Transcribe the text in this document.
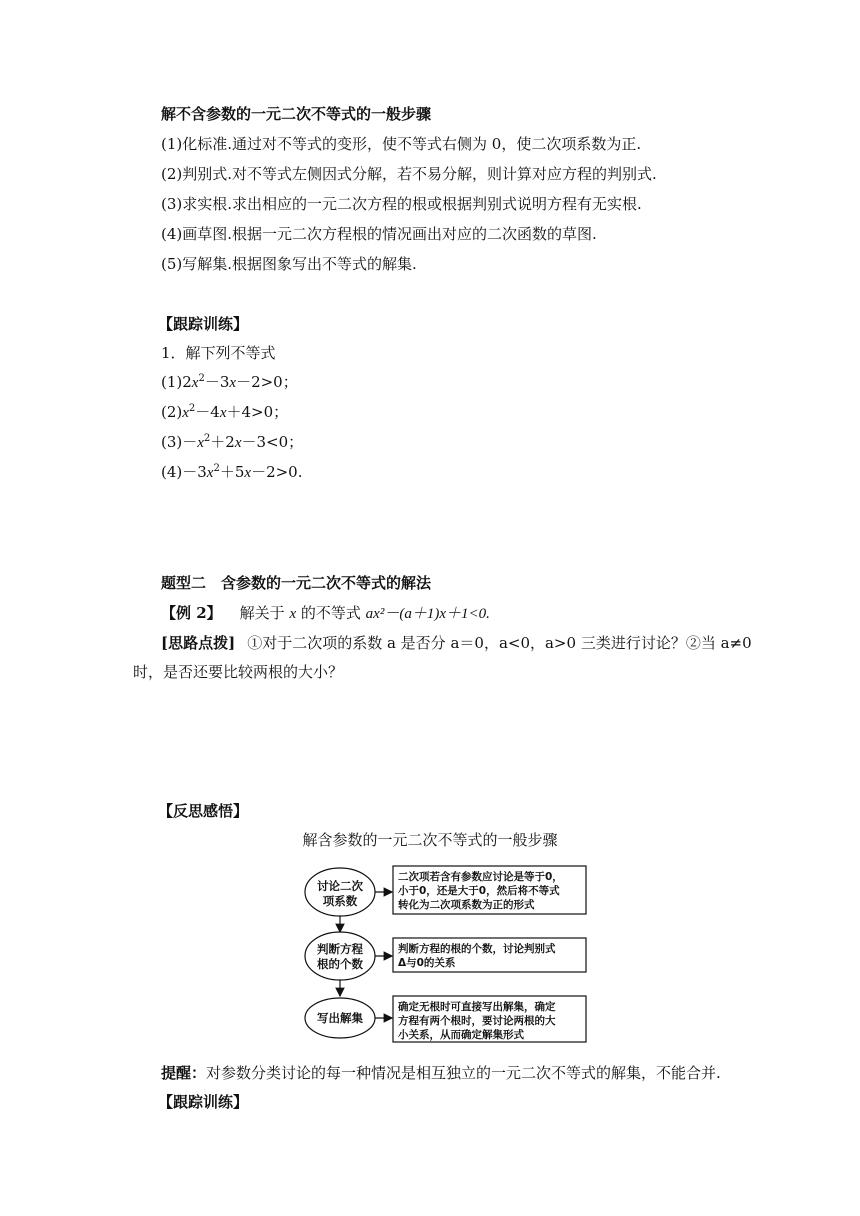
解不含参数的一元二次不等式的一般步骤
(1)化标准.通过对不等式的变形，使不等式右侧为 0，使二次项系数为正.
(2)判别式.对不等式左侧因式分解，若不易分解，则计算对应方程的判别式.
(3)求实根.求出相应的一元二次方程的根或根据判别式说明方程有无实根.
(4)画草图.根据一元二次方程根的情况画出对应的二次函数的草图.
(5)写解集.根据图象写出不等式的解集.
【跟踪训练】
1．解下列不等式
$(1)2x^2-3x-2>0$；
$(2)x^2-4x+4>0$；
$(3)-x^2+2x-3<0$；
$(4)-3x^2+5x-2>0$.
题型二　含参数的一元二次不等式的解法
【例 2】 解关于 x 的不等式 ax²－(a＋1)x＋1<0.
[思路点拨] ①对于二次项的系数 a 是否分 a＝0，a<0，a>0 三类进行讨论？②当 a≠0
时，是否还要比较两根的大小？
【反思感悟】
解含参数的一元二次不等式的一般步骤
讨论二次
项系数
二次项若含有参数应讨论是等于0，
小于0，还是大于0，然后将不等式
转化为二次项系数为正的形式
判断方程
根的个数
判断方程的根的个数，讨论判别式
Δ与0的关系
写出解集
确定无根时可直接写出解集，确定
方程有两个根时，要讨论两根的大
小关系，从而确定解集形式
提醒：对参数分类讨论的每一种情况是相互独立的一元二次不等式的解集，不能合并.
【跟踪训练】
